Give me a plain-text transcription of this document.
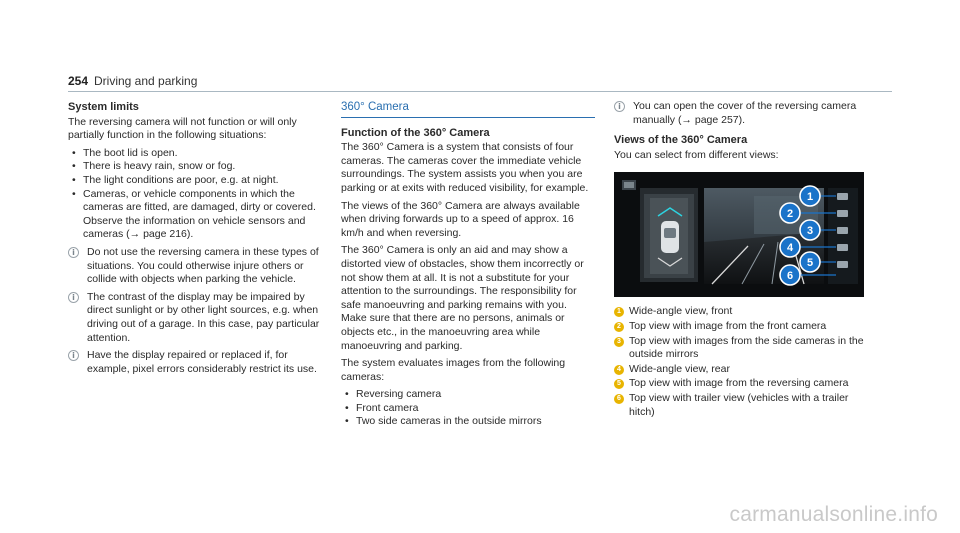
254 Driving and parking
System limits

The reversing camera will not function or will only partially function in the following situations:

• The boot lid is open.
• There is heavy rain, snow or fog.
• The light conditions are poor, e.g. at night.
• Cameras, or vehicle components in which the cameras are fitted, are damaged, dirty or covered. Observe the information on vehicle sensors and cameras (→ page 216).
i	Do not use the reversing camera in these types of situations. You could otherwise injure others or collide with objects when parking the vehicle.
i	The contrast of the display may be impaired by direct sunlight or by other light sources, e.g. when driving out of a garage. In this case, pay particular attention.
i	Have the display repaired or replaced if, for example, pixel errors considerably restrict its use.
360° Camera
Function of the 360° Camera

The 360° Camera is a system that consists of four cameras. The cameras cover the immediate vehicle surroundings. The system assists you when you are parking or at exits with reduced visibility, for example.

The views of the 360° Camera are always available when driving forwards up to a speed of approx. 16 km/h and when reversing.

The 360° Camera is only an aid and may show a distorted view of obstacles, show them incorrectly or not show them at all. It is not a substitute for your attention to the surroundings. The responsibility for safe manoeuvring and parking remains with you. Make sure that there are no persons, animals or objects etc., in the manoeuvring area while manoeuvring and parking.

The system evaluates images from the following cameras:

• Reversing camera
• Front camera
• Two side cameras in the outside mirrors
i	You can open the cover of the reversing camera manually (→ page 257).
Views of the 360° Camera

You can select from different views:

1
2
3
4
5
6
1 Wide-angle view, front
2 Top view with image from the front camera
3 Top view with images from the side cameras in the outside mirrors
4 Wide-angle view, rear
5 Top view with image from the reversing camera
6 Top view with trailer view (vehicles with a trailer hitch)
carmanualsonline.info
